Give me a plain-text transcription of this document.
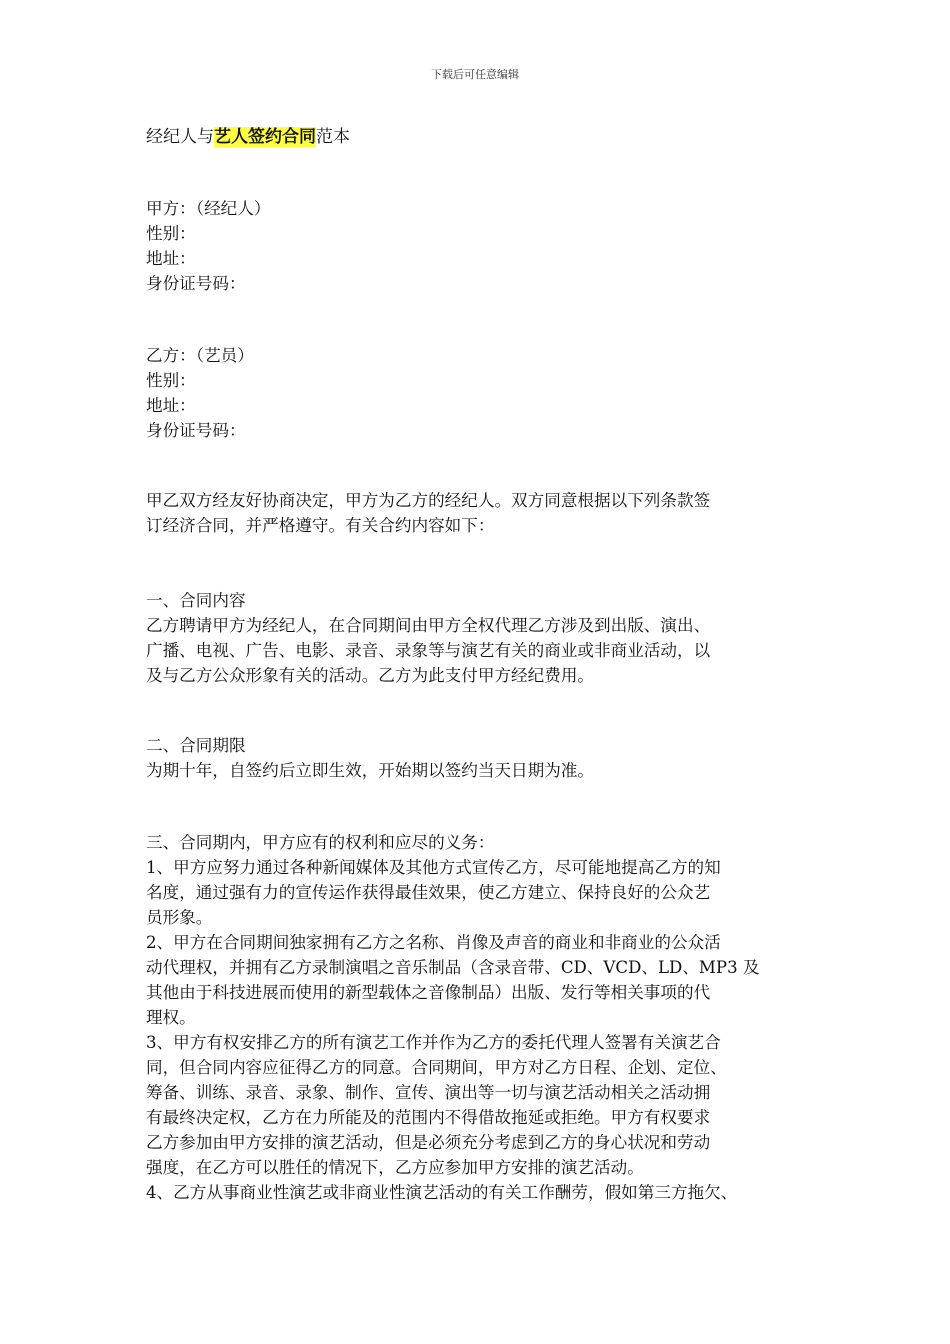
下载后可任意编辑
经纪人与艺人签约合同范本
甲方：（经纪人）
性别：
地址：
身份证号码：
乙方：（艺员）
性别：
地址：
身份证号码：
甲乙双方经友好协商决定，甲方为乙方的经纪人。双方同意根据以下列条款签
订经济合同，并严格遵守。有关合约内容如下：
一、合同内容
乙方聘请甲方为经纪人，在合同期间由甲方全权代理乙方涉及到出版、演出、
广播、电视、广告、电影、录音、录象等与演艺有关的商业或非商业活动，以
及与乙方公众形象有关的活动。乙方为此支付甲方经纪费用。
二、合同期限
为期十年，自签约后立即生效，开始期以签约当天日期为准。
三、合同期内，甲方应有的权利和应尽的义务：
1、甲方应努力通过各种新闻媒体及其他方式宣传乙方，尽可能地提高乙方的知
名度，通过强有力的宣传运作获得最佳效果，使乙方建立、保持良好的公众艺
员形象。
2、甲方在合同期间独家拥有乙方之名称、肖像及声音的商业和非商业的公众活
动代理权，并拥有乙方录制演唱之音乐制品（含录音带、CD、VCD、LD、MP3 及
其他由于科技进展而使用的新型载体之音像制品）出版、发行等相关事项的代
理权。
3、甲方有权安排乙方的所有演艺工作并作为乙方的委托代理人签署有关演艺合
同，但合同内容应征得乙方的同意。合同期间，甲方对乙方日程、企划、定位、
筹备、训练、录音、录象、制作、宣传、演出等一切与演艺活动相关之活动拥
有最终决定权，乙方在力所能及的范围内不得借故拖延或拒绝。甲方有权要求
乙方参加由甲方安排的演艺活动，但是必须充分考虑到乙方的身心状况和劳动
强度，在乙方可以胜任的情况下，乙方应参加甲方安排的演艺活动。
4、乙方从事商业性演艺或非商业性演艺活动的有关工作酬劳，假如第三方拖欠、
